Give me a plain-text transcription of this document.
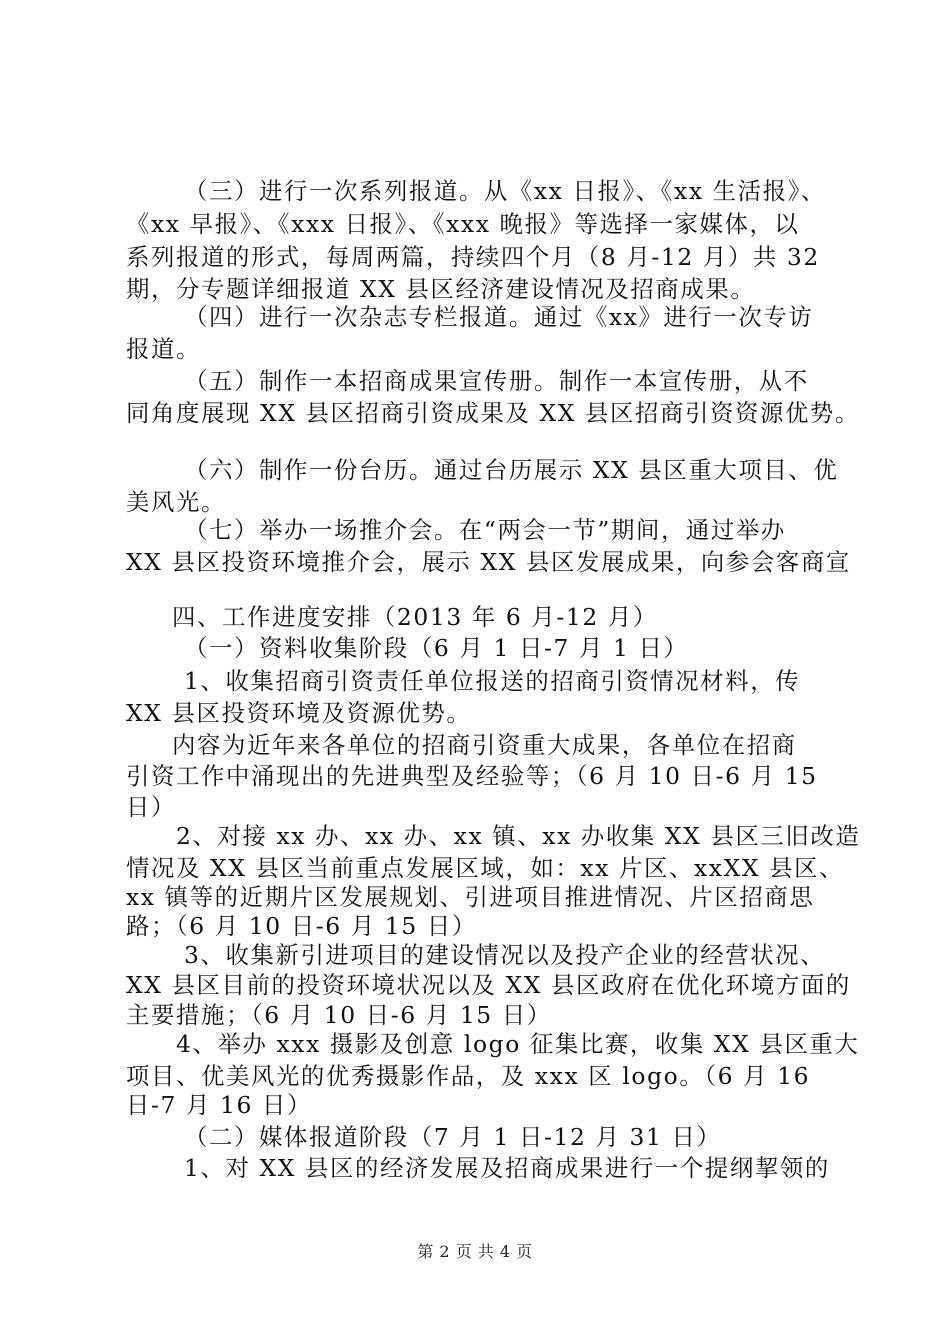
（三）进行一次系列报道。从《xx 日报》、《xx 生活报》、

《xx 早报》、《xxx 日报》、《xxx 晚报》等选择一家媒体，以

系列报道的形式，每周两篇，持续四个月（8 月-12 月）共 32

期，分专题详细报道 XX 县区经济建设情况及招商成果。

（四）进行一次杂志专栏报道。通过《xx》进行一次专访

报道。

（五）制作一本招商成果宣传册。制作一本宣传册，从不

同角度展现 XX 县区招商引资成果及 XX 县区招商引资资源优势。

（六）制作一份台历。通过台历展示 XX 县区重大项目、优

美风光。

（七）举办一场推介会。在“两会一节”期间，通过举办

XX 县区投资环境推介会，展示 XX 县区发展成果，向参会客商宣

四、工作进度安排（2013 年 6 月-12 月）

（一）资料收集阶段（6 月 1 日-7 月 1 日）

1、收集招商引资责任单位报送的招商引资情况材料，传

XX 县区投资环境及资源优势。

内容为近年来各单位的招商引资重大成果，各单位在招商

引资工作中涌现出的先进典型及经验等；（6 月 10 日-6 月 15

日）

2、对接 xx 办、xx 办、xx 镇、xx 办收集 XX 县区三旧改造

情况及 XX 县区当前重点发展区域，如：xx 片区、xxXX 县区、

xx 镇等的近期片区发展规划、引进项目推进情况、片区招商思

路；（6 月 10 日-6 月 15 日）

3、收集新引进项目的建设情况以及投产企业的经营状况、

XX 县区目前的投资环境状况以及 XX 县区政府在优化环境方面的

主要措施；（6 月 10 日-6 月 15 日）

4、举办 xxx 摄影及创意 logo 征集比赛，收集 XX 县区重大

项目、优美风光的优秀摄影作品，及 xxx 区 logo。（6 月 16

日-7 月 16 日）

（二）媒体报道阶段（7 月 1 日-12 月 31 日）

1、对 XX 县区的经济发展及招商成果进行一个提纲挈领的

第 2 页 共 4 页
